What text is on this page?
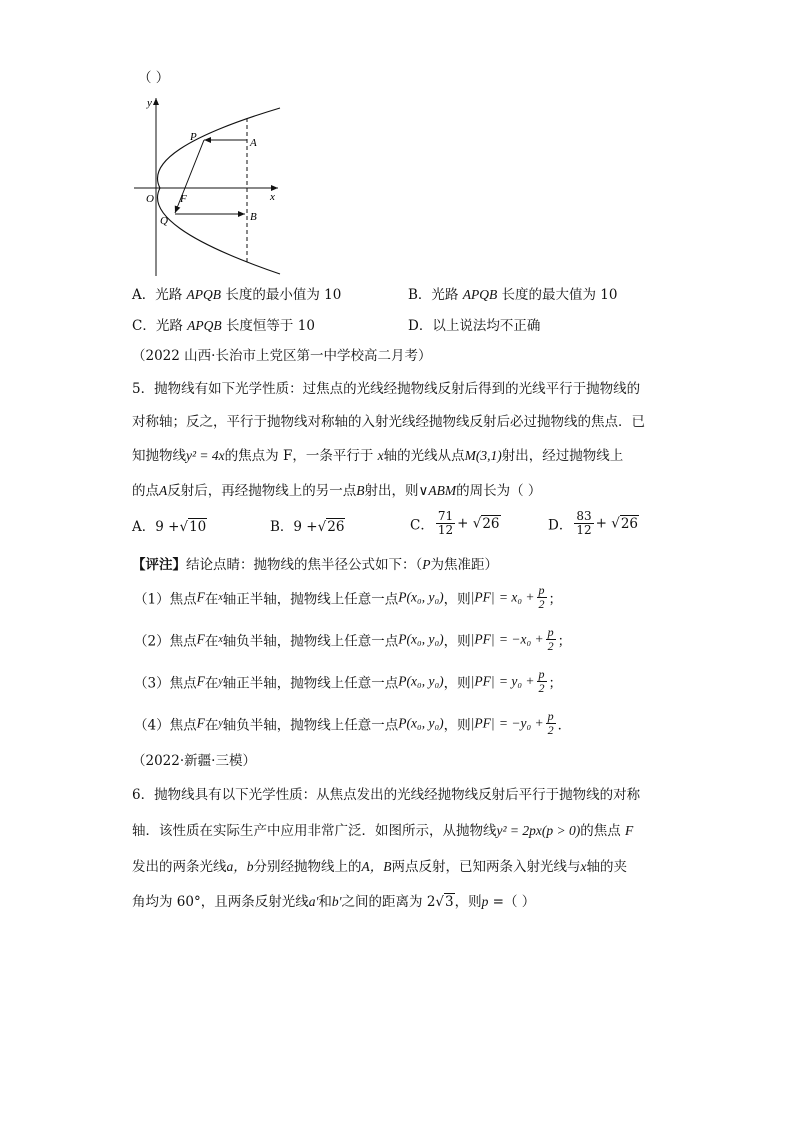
（ ）
y
x
O F
P
Q
A
B
A．光路 APQB 长度的最小值为 10	B．光路 APQB 长度的最大值为 10
C．光路 APQB 长度恒等于 10	D．以上说法均不正确
（2022 山西·长治市上党区第一中学校高二月考）
5．抛物线有如下光学性质：过焦点的光线经抛物线反射后得到的光线平行于抛物线的
对称轴；反之，平行于抛物线对称轴的入射光线经抛物线反射后必过抛物线的焦点．已
知抛物线y² = 4x的焦点为 F，一条平行于 x轴的光线从点M(3,1)射出，经过抛物线上
的点A反射后，再经抛物线上的另一点B射出，则∨ABM的周长为（ ）
A．9 +√10	B．9 +√26	C． $\frac{71}{12} + √26$	D． $\frac{83}{12} + √26$
【评注】结论点睛：抛物线的焦半径公式如下：（P为焦准距）
（1）焦点F在x轴正半轴，抛物线上任意一点P(x₀, y₀)，则$|PF| = x_0 + \frac{p}{2}$ ；
（2）焦点F在x轴负半轴，抛物线上任意一点P(x₀, y₀)，则$|PF| = -x_0 + \frac{p}{2}$ ；
（3）焦点F在y轴正半轴，抛物线上任意一点P(x₀, y₀)，则$|PF| = y_0 + \frac{p}{2}$ ；
（4）焦点F在y轴负半轴，抛物线上任意一点P(x₀, y₀)，则$|PF| = -y_0 + \frac{p}{2}$ ．
（2022·新疆·三模）
6．抛物线具有以下光学性质：从焦点发出的光线经抛物线反射后平行于抛物线的对称
轴．该性质在实际生产中应用非常广泛．如图所示，从抛物线y² = 2px(p > 0)的焦点 F
发出的两条光线a，b分别经抛物线上的A，B两点反射，已知两条入射光线与x轴的夹
角均为 60°，且两条反射光线a'和b'之间的距离为 2√3，则p =（ ）
